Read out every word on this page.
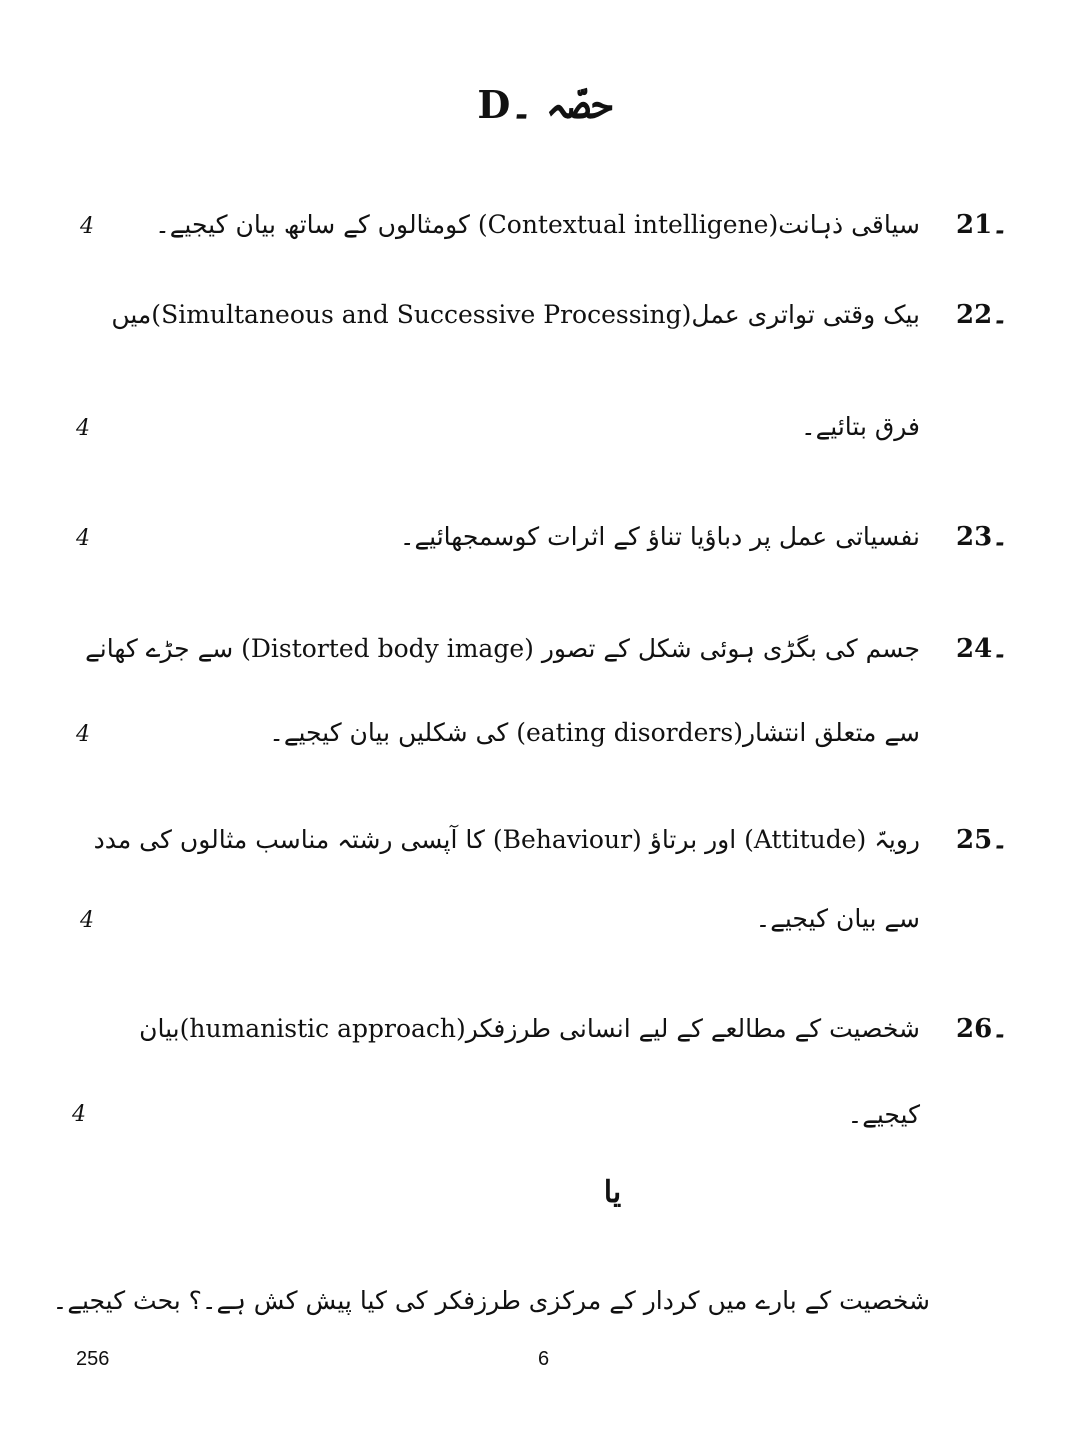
حصّہ ۔D
21۔
سیاقی ذہانت(Contextual intelligene) کومثالوں کے ساتھ بیان کیجیے۔
4
22۔
بیک وقتی تواتری عمل(Simultaneous and Successive Processing)میں
فرق بتائیے۔
4
23۔
نفسیاتی عمل پر دباؤیا تناؤ کے اثرات کوسمجھائیے۔
4
24۔
جسم کی بگڑی ہوئی شکل کے تصور (Distorted body image) سے جڑے کھانے
سے متعلق انتشار(eating disorders) کی شکلیں بیان کیجیے۔
4
25۔
رویہّ (Attitude) اور برتاؤ (Behaviour) کا آپسی رشتہ مناسب مثالوں کی مدد
سے بیان کیجیے۔
4
26۔
شخصیت کے مطالعے کے لیے انسانی طرزفکر(humanistic approach)بیان
کیجیے۔
4
یا
شخصیت کے بارے میں کردار کے مرکزی طرزفکر کی کیا پیش کش ہے۔؟ بحث کیجیے۔
256	6
